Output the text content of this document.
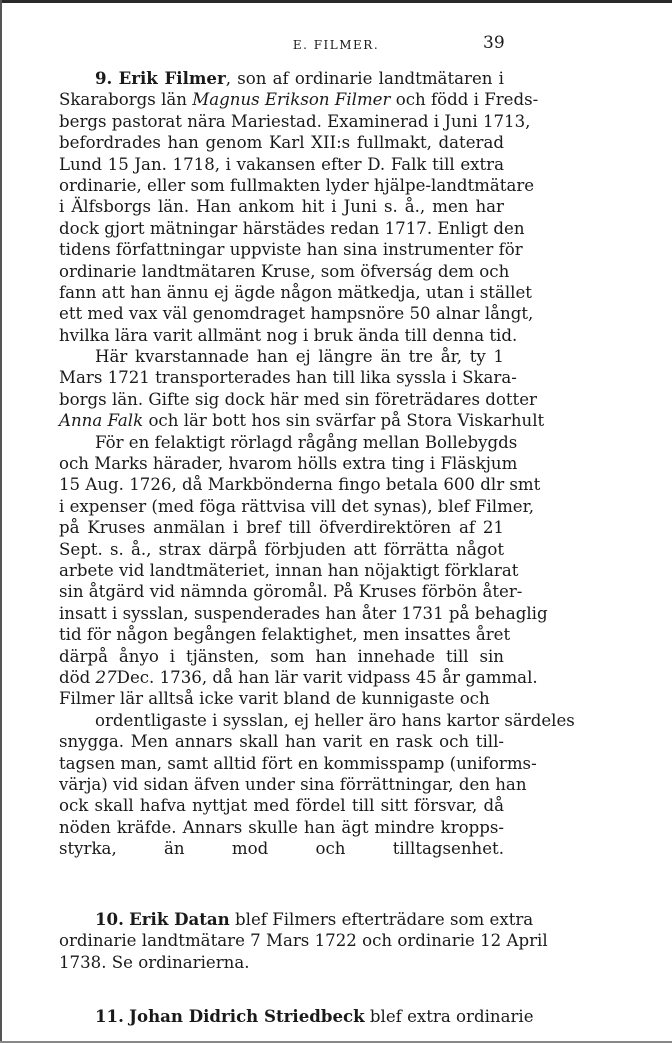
E. FILMER.	39
9. Erik Filmer, son af ordinarie landtmätaren i
Skaraborgs län Magnus Erikson Filmer och född i Freds-
bergs pastorat nära Mariestad. Examinerad i Juni 1713,
befordrades han genom Karl XII:s fullmakt, daterad
Lund 15 Jan. 1718, i vakansen efter D. Falk till extra
ordinarie, eller som fullmakten lyder hjälpe-landtmätare
i Älfsborgs län. Han ankom hit i Juni s. å., men har
dock gjort mätningar härstädes redan 1717. Enligt den
tidens författningar uppviste han sina instrumenter för
ordinarie landtmätaren Kruse, som öfverság dem och
fann att han ännu ej ägde någon mätkedja, utan i stället
ett med vax väl genomdraget hampsnöre 50 alnar långt,
hvilka lära varit allmänt nog i bruk ända till denna tid.
Här kvarstannade han ej längre än tre år, ty 1
Mars 1721 transporterades han till lika syssla i Skara-
borgs län. Gifte sig dock här med sin företrädares dotter
Anna Falk och lär bott hos sin svärfar på Stora Viskarhult
För en felaktigt rörlagd rågång mellan Bollebygds
och Marks härader, hvarom hölls extra ting i Fläskjum
15 Aug. 1726, då Markbönderna fingo betala 600 dlr smt
i expenser (med föga rättvisa vill det synas), blef Filmer,
på Kruses anmälan i bref till öfverdirektören af 21
Sept. s. å., strax därpå förbjuden att förrätta något
arbete vid landtmäteriet, innan han nöjaktigt förklarat
sin åtgärd vid nämnda göromål. På Kruses förbön åter-
insatt i sysslan, suspenderades han åter 1731 på behaglig
tid för någon begången felaktighet, men insattes året
därpå ånyo i tjänsten, som han innehade till sin
död 27Dec. 1736, då han lär varit vidpass 45 år gammal.
Filmer lär alltså icke varit bland de kunnigaste och
ordentligaste i sysslan, ej heller äro hans kartor särdeles
snygga. Men annars skall han varit en rask och till-
tagsen man, samt alltid fört en kommisspamp (uniforms-
värja) vid sidan äfven under sina förrättningar, den han
ock skall hafva nyttjat med fördel till sitt försvar, då
nöden kräfde. Annars skulle han ägt mindre kropps-
styrka, än mod och tilltagsenhet.
10. Erik Datan blef Filmers efterträdare som extra
ordinarie landtmätare 7 Mars 1722 och ordinarie 12 April
1738. Se ordinarierna.
11. Johan Didrich Striedbeck blef extra ordinarie
